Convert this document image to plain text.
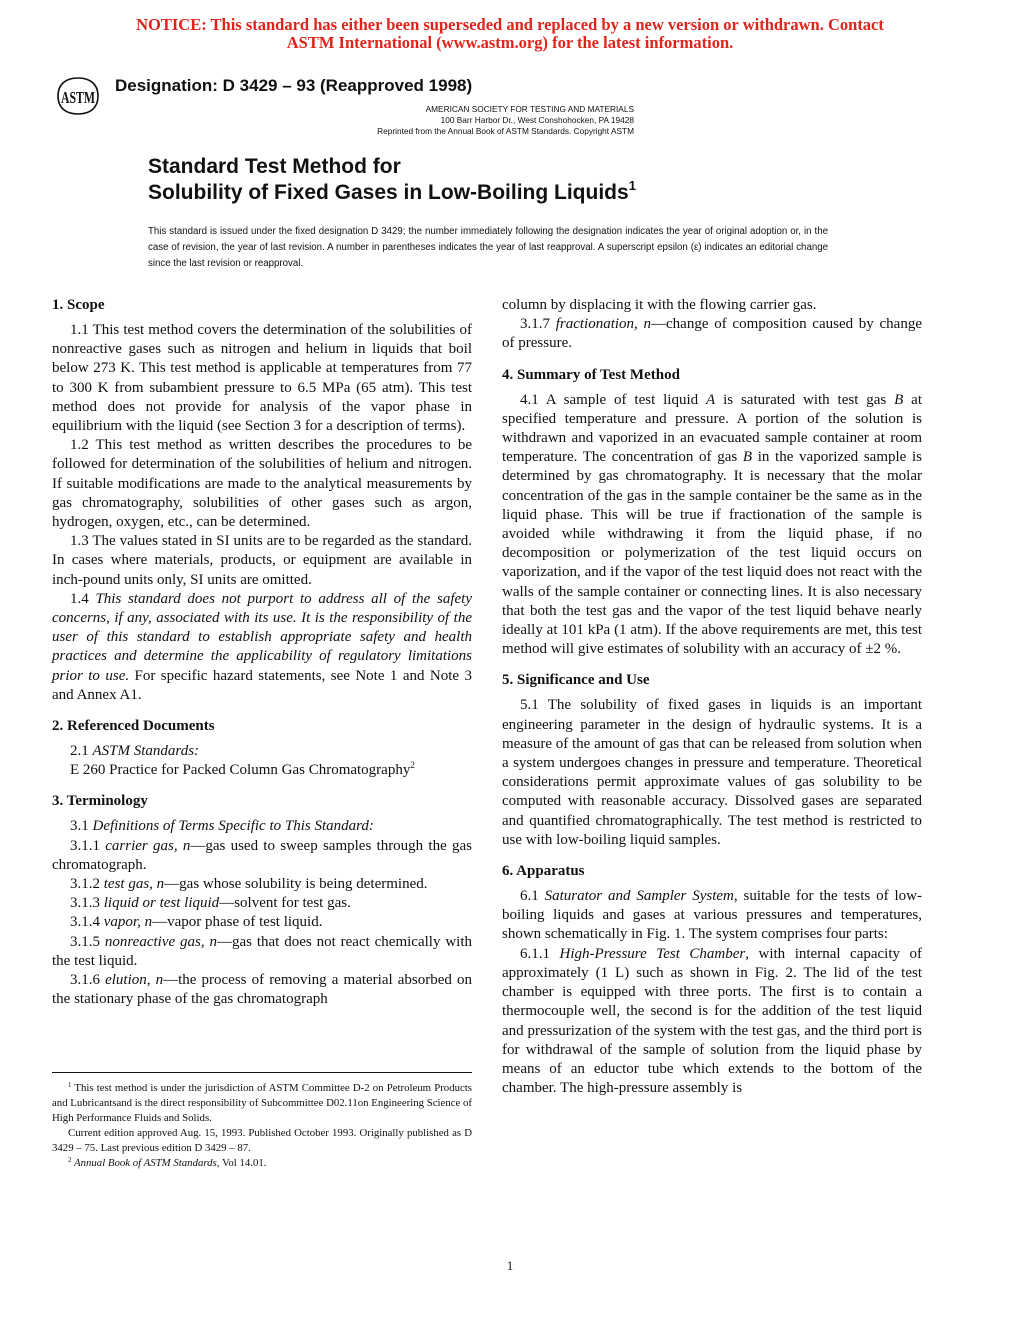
NOTICE: This standard has either been superseded and replaced by a new version or withdrawn. Contact
ASTM International (www.astm.org) for the latest information.
ASTM
Designation: D 3429 – 93 (Reapproved 1998)
AMERICAN SOCIETY FOR TESTING AND MATERIALS
100 Barr Harbor Dr., West Conshohocken, PA 19428
Reprinted from the Annual Book of ASTM Standards. Copyright ASTM
Standard Test Method for
Solubility of Fixed Gases in Low-Boiling Liquids$^1$
This standard is issued under the fixed designation D 3429; the number immediately following the designation indicates the year of original adoption or, in the case of revision, the year of last revision. A number in parentheses indicates the year of last reapproval. A superscript epsilon (ε) indicates an editorial change since the last revision or reapproval.
1. Scope

1.1 This test method covers the determination of the solubilities of nonreactive gases such as nitrogen and helium in liquids that boil below 273 K. This test method is applicable at temperatures from 77 to 300 K from subambient pressure to 6.5 MPa (65 atm). This test method does not provide for analysis of the vapor phase in equilibrium with the liquid (see Section 3 for a description of terms).

1.2 This test method as written describes the procedures to be followed for determination of the solubilities of helium and nitrogen. If suitable modifications are made to the analytical measurements by gas chromatography, solubilities of other gases such as argon, hydrogen, oxygen, etc., can be determined.

1.3 The values stated in SI units are to be regarded as the standard. In cases where materials, products, or equipment are available in inch-pound units only, SI units are omitted.

1.4 This standard does not purport to address all of the safety concerns, if any, associated with its use. It is the responsibility of the user of this standard to establish appropriate safety and health practices and determine the applicability of regulatory limitations prior to use. For specific hazard statements, see Note 1 and Note 3 and Annex A1.

2. Referenced Documents

2.1 ASTM Standards:

E 260 Practice for Packed Column Gas Chromatography$^2$

3. Terminology

3.1 Definitions of Terms Specific to This Standard:

3.1.1 carrier gas, n—gas used to sweep samples through the gas chromatograph.

3.1.2 test gas, n—gas whose solubility is being determined.

3.1.3 liquid or test liquid—solvent for test gas.

3.1.4 vapor, n—vapor phase of test liquid.

3.1.5 nonreactive gas, n—gas that does not react chemically with the test liquid.

3.1.6 elution, n—the process of removing a material absorbed on the stationary phase of the gas chromatograph

$^1$ This test method is under the jurisdiction of ASTM Committee D-2 on Petroleum Products and Lubricantsand is the direct responsibility of Subcommittee D02.11on Engineering Science of High Performance Fluids and Solids.

Current edition approved Aug. 15, 1993. Published October 1993. Originally published as D 3429 – 75. Last previous edition D 3429 – 87.

$^2$ Annual Book of ASTM Standards, Vol 14.01.

column by displacing it with the flowing carrier gas.

3.1.7 fractionation, n—change of composition caused by change of pressure.

4. Summary of Test Method

4.1 A sample of test liquid A is saturated with test gas B at specified temperature and pressure. A portion of the solution is withdrawn and vaporized in an evacuated sample container at room temperature. The concentration of gas B in the vaporized sample is determined by gas chromatography. It is necessary that the molar concentration of the gas in the sample container be the same as in the liquid phase. This will be true if fractionation of the sample is avoided while withdrawing it from the liquid phase, if no decomposition or polymerization of the test liquid occurs on vaporization, and if the vapor of the test liquid does not react with the walls of the sample container or connecting lines. It is also necessary that both the test gas and the vapor of the test liquid behave nearly ideally at 101 kPa (1 atm). If the above requirements are met, this test method will give estimates of solubility with an accuracy of ±2 %.

5. Significance and Use

5.1 The solubility of fixed gases in liquids is an important engineering parameter in the design of hydraulic systems. It is a measure of the amount of gas that can be released from solution when a system undergoes changes in pressure and temperature. Theoretical considerations permit approximate values of gas solubility to be computed with reasonable accuracy. Dissolved gases are separated and quantified chromatographically. The test method is restricted to use with low-boiling liquid samples.

6. Apparatus

6.1 Saturator and Sampler System, suitable for the tests of low-boiling liquids and gases at various pressures and temperatures, shown schematically in Fig. 1. The system comprises four parts:

6.1.1 High-Pressure Test Chamber, with internal capacity of approximately (1 L) such as shown in Fig. 2. The lid of the test chamber is equipped with three ports. The first is to contain a thermocouple well, the second is for the addition of the test liquid and pressurization of the system with the test gas, and the third port is for withdrawal of the sample of solution from the liquid phase by means of an eductor tube which extends to the bottom of the chamber. The high-pressure assembly is

1
